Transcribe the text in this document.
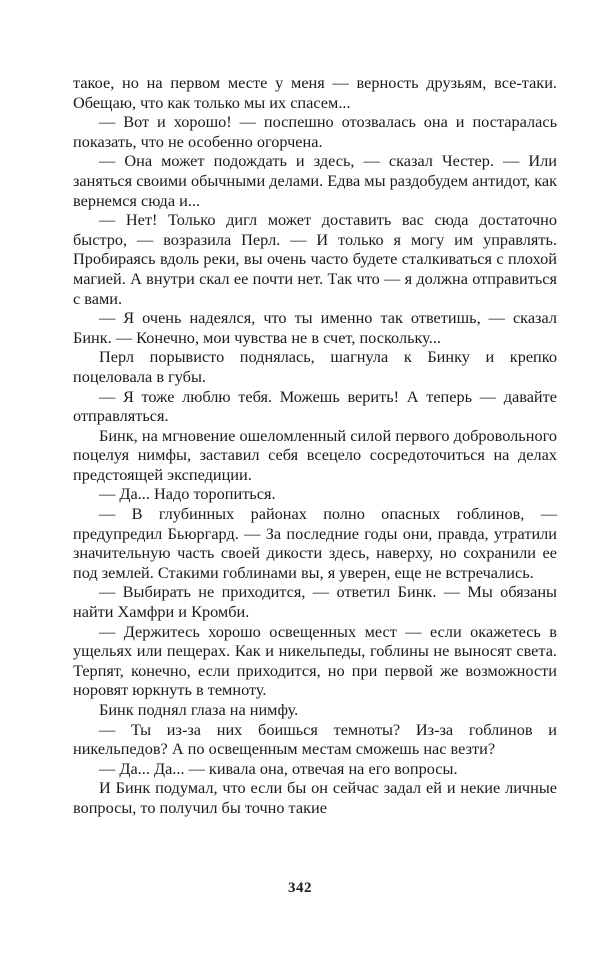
такое, но на первом месте у меня — верность друзьям, все-таки. Обещаю, что как только мы их спасем...

— Вот и хорошо! — поспешно отозвалась она и постаралась показать, что не особенно огорчена.

— Она может подождать и здесь, — сказал Честер. — Или заняться своими обычными делами. Едва мы раздобудем антидот, как вернемся сюда и...

— Нет! Только дигл может доставить вас сюда достаточно быстро, — возразила Перл. — И только я могу им управлять. Пробираясь вдоль реки, вы очень часто будете сталкиваться с плохой магией. А внутри скал ее почти нет. Так что — я должна отправиться с вами.

— Я очень надеялся, что ты именно так ответишь, — сказал Бинк. — Конечно, мои чувства не в счет, поскольку...

Перл порывисто поднялась, шагнула к Бинку и крепко поцеловала в губы.

— Я тоже люблю тебя. Можешь верить! А теперь — давайте отправляться.

Бинк, на мгновение ошеломленный силой первого добровольного поцелуя нимфы, заставил себя всецело сосредоточиться на делах предстоящей экспедиции.

— Да... Надо торопиться.

— В глубинных районах полно опасных гоблинов, — предупредил Бьюргард. — За последние годы они, правда, утратили значительную часть своей дикости здесь, наверху, но сохранили ее под землей. Стакими гоблинами вы, я уверен, еще не встречались.

— Выбирать не приходится, — ответил Бинк. — Мы обязаны найти Хамфри и Кромби.

— Держитесь хорошо освещенных мест — если окажетесь в ущельях или пещерах. Как и никельпеды, гоблины не выносят света. Терпят, конечно, если приходится, но при первой же возможности норовят юркнуть в темноту.

Бинк поднял глаза на нимфу.

— Ты из-за них боишься темноты? Из-за гоблинов и никельпедов? А по освещенным местам сможешь нас везти?

— Да... Да... — кивала она, отвечая на его вопросы.

И Бинк подумал, что если бы он сейчас задал ей и некие личные вопросы, то получил бы точно такие

342
